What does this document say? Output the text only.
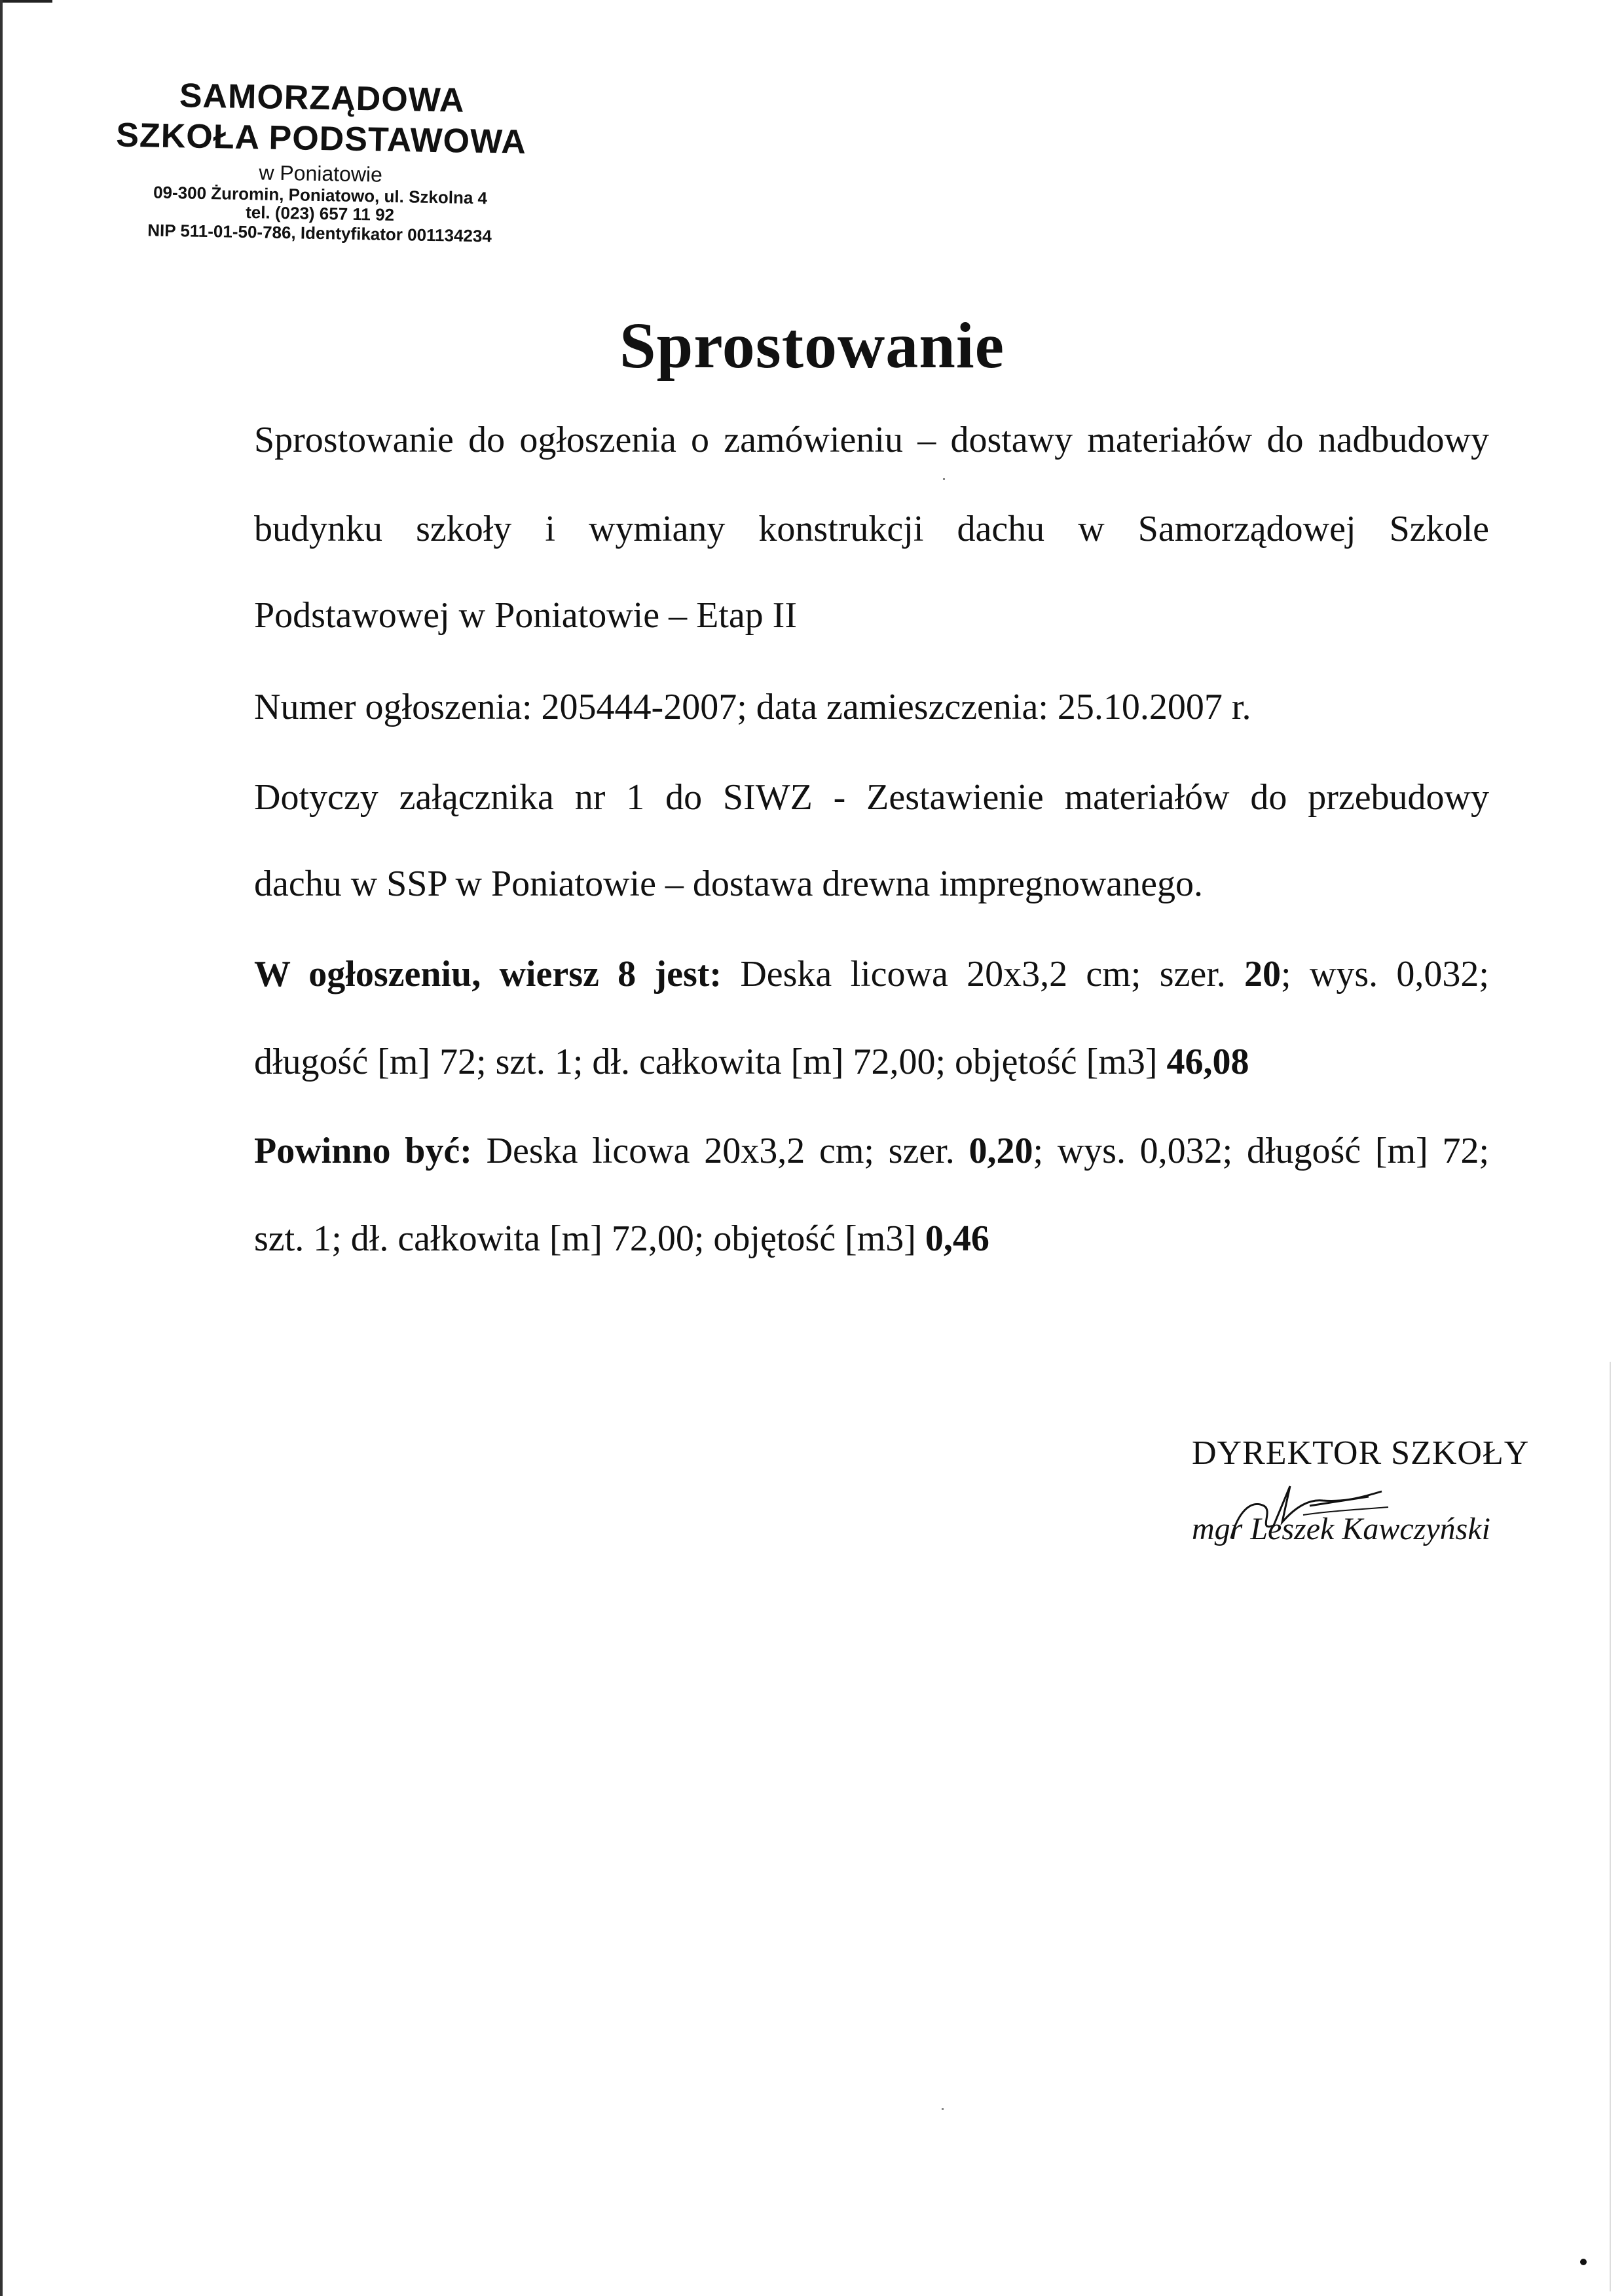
SAMORZĄDOWA
SZKOŁA PODSTAWOWA
w Poniatowie
09-300 Żuromin, Poniatowo, ul. Szkolna 4
tel. (023) 657 11 92
NIP 511-01-50-786, Identyfikator 001134234
Sprostowanie
Sprostowanie do ogłoszenia o zamówieniu – dostawy materiałów do nadbudowy
budynku szkoły i wymiany konstrukcji dachu w Samorządowej Szkole
Podstawowej w Poniatowie – Etap II
Numer ogłoszenia: 205444-2007; data zamieszczenia: 25.10.2007 r.
Dotyczy załącznika nr 1 do SIWZ - Zestawienie materiałów do przebudowy
dachu w SSP w Poniatowie – dostawa drewna impregnowanego.
W ogłoszeniu, wiersz 8 jest: Deska licowa 20x3,2 cm; szer. 20; wys. 0,032;
długość [m] 72; szt. 1; dł. całkowita [m] 72,00; objętość [m3] 46,08
Powinno być: Deska licowa 20x3,2 cm; szer. 0,20; wys. 0,032; długość [m] 72;
szt. 1; dł. całkowita [m] 72,00; objętość [m3] 0,46
DYREKTOR SZKOŁY
mgr Leszek Kawczyński
